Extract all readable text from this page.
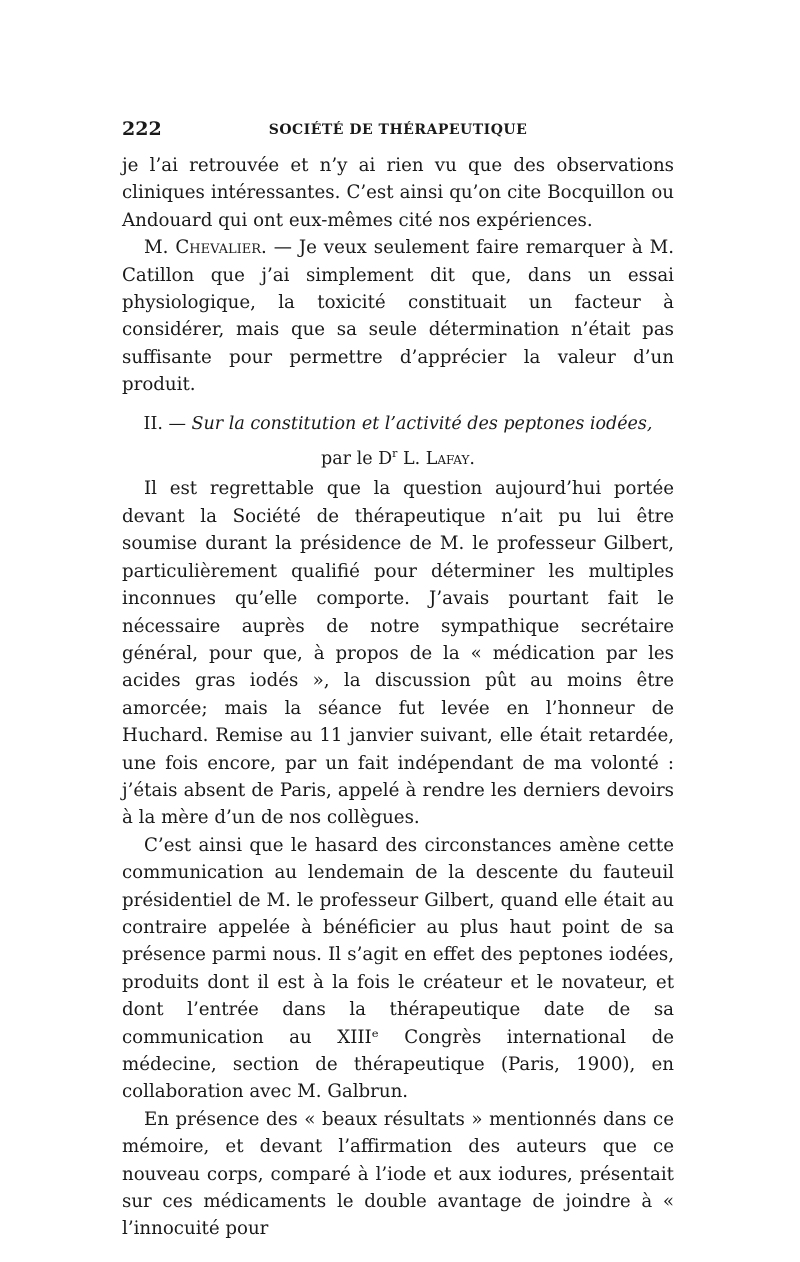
222	SOCIÉTÉ DE THÉRAPEUTIQUE

je l’ai retrouvée et n’y ai rien vu que des observations cliniques intéressantes. C’est ainsi qu’on cite Bocquillon ou Andouard qui ont eux-mêmes cité nos expériences.

M. Chevalier. — Je veux seulement faire remarquer à M. Catillon que j’ai simplement dit que, dans un essai physiologique, la toxicité constituait un facteur à considérer, mais que sa seule détermination n’était pas suffisante pour permettre d’apprécier la valeur d’un produit.

II. — Sur la constitution et l’activité des peptones iodées,
par le $D^r$ L. Lafay.

Il est regrettable que la question aujourd’hui portée devant la Société de thérapeutique n’ait pu lui être soumise durant la présidence de M. le professeur Gilbert, particulièrement qualifié pour déterminer les multiples inconnues qu’elle comporte. J’avais pourtant fait le nécessaire auprès de notre sympathique secrétaire général, pour que, à propos de la « médication par les acides gras iodés », la discussion pût au moins être amorcée; mais la séance fut levée en l’honneur de Huchard. Remise au 11 janvier suivant, elle était retardée, une fois encore, par un fait indépendant de ma volonté : j’étais absent de Paris, appelé à rendre les derniers devoirs à la mère d’un de nos collègues.

C’est ainsi que le hasard des circonstances amène cette communication au lendemain de la descente du fauteuil présidentiel de M. le professeur Gilbert, quand elle était au contraire appelée à bénéficier au plus haut point de sa présence parmi nous. Il s’agit en effet des peptones iodées, produits dont il est à la fois le créateur et le novateur, et dont l’entrée dans la thérapeutique date de sa communication au XIIIᵉ Congrès international de médecine, section de thérapeutique (Paris, 1900), en collaboration avec M. Galbrun.

En présence des « beaux résultats » mentionnés dans ce mémoire, et devant l’affirmation des auteurs que ce nouveau corps, comparé à l’iode et aux iodures, présentait sur ces médicaments le double avantage de joindre à « l’innocuité pour
